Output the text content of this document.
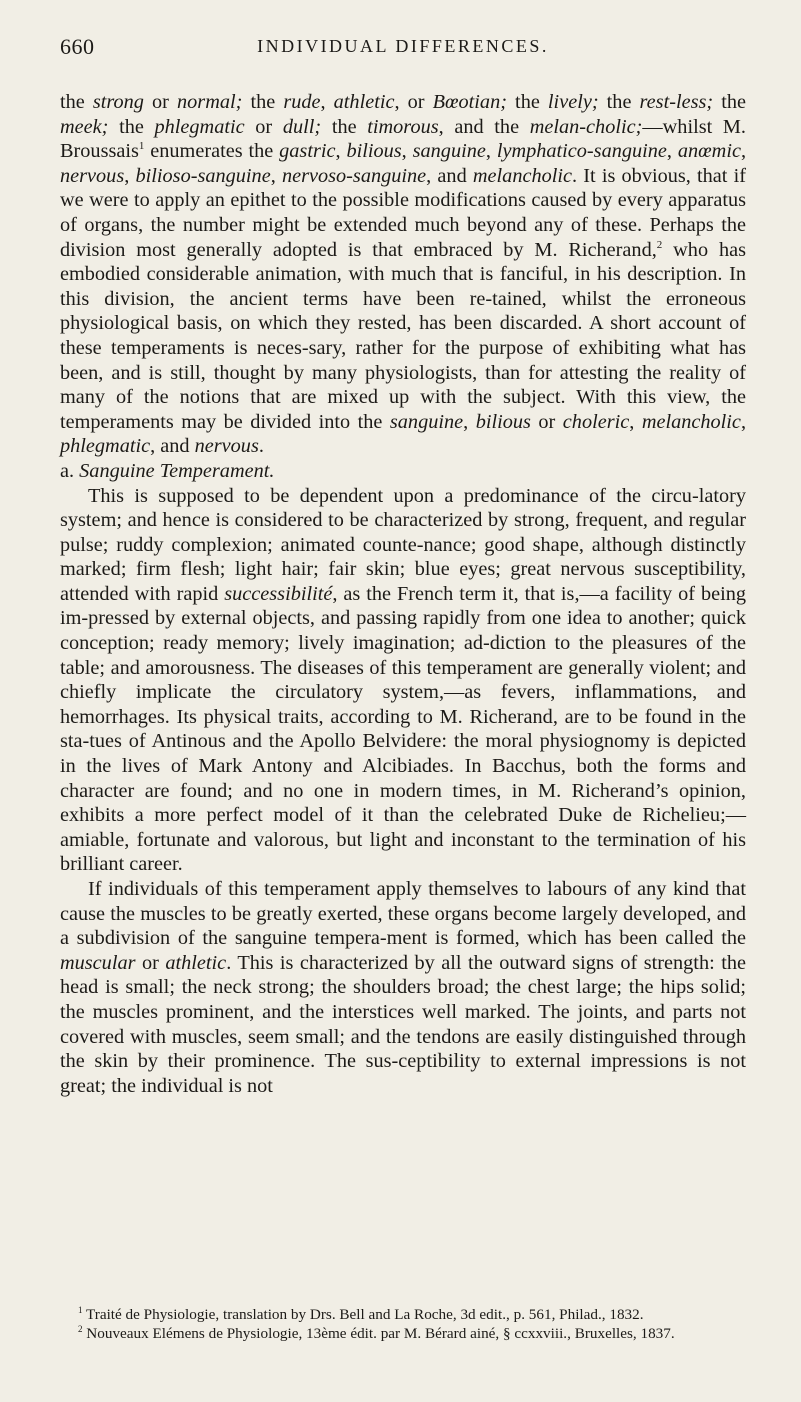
660	INDIVIDUAL DIFFERENCES.

the strong or normal; the rude, athletic, or Bœotian; the lively; the rest-less; the meek; the phlegmatic or dull; the timorous, and the melan-cholic;—whilst M. Broussais$^1$ enumerates the gastric, bilious, sanguine, lymphatico-sanguine, anœmic, nervous, bilioso-sanguine, nervoso-sanguine, and melancholic. It is obvious, that if we were to apply an epithet to the possible modifications caused by every apparatus of organs, the number might be extended much beyond any of these. Perhaps the division most generally adopted is that embraced by M. Richerand,$^2$ who has embodied considerable animation, with much that is fanciful, in his description. In this division, the ancient terms have been re-tained, whilst the erroneous physiological basis, on which they rested, has been discarded. A short account of these temperaments is neces-sary, rather for the purpose of exhibiting what has been, and is still, thought by many physiologists, than for attesting the reality of many of the notions that are mixed up with the subject. With this view, the temperaments may be divided into the sanguine, bilious or choleric, melancholic, phlegmatic, and nervous.

a. Sanguine Temperament.

This is supposed to be dependent upon a predominance of the circu-latory system; and hence is considered to be characterized by strong, frequent, and regular pulse; ruddy complexion; animated counte-nance; good shape, although distinctly marked; firm flesh; light hair; fair skin; blue eyes; great nervous susceptibility, attended with rapid successibilité, as the French term it, that is,—a facility of being im-pressed by external objects, and passing rapidly from one idea to another; quick conception; ready memory; lively imagination; ad-diction to the pleasures of the table; and amorousness. The diseases of this temperament are generally violent; and chiefly implicate the circulatory system,—as fevers, inflammations, and hemorrhages. Its physical traits, according to M. Richerand, are to be found in the sta-tues of Antinous and the Apollo Belvidere: the moral physiognomy is depicted in the lives of Mark Antony and Alcibiades. In Bacchus, both the forms and character are found; and no one in modern times, in M. Richerand’s opinion, exhibits a more perfect model of it than the celebrated Duke de Richelieu;—amiable, fortunate and valorous, but light and inconstant to the termination of his brilliant career.

If individuals of this temperament apply themselves to labours of any kind that cause the muscles to be greatly exerted, these organs become largely developed, and a subdivision of the sanguine tempera-ment is formed, which has been called the muscular or athletic. This is characterized by all the outward signs of strength: the head is small; the neck strong; the shoulders broad; the chest large; the hips solid; the muscles prominent, and the interstices well marked. The joints, and parts not covered with muscles, seem small; and the tendons are easily distinguished through the skin by their prominence. The sus-ceptibility to external impressions is not great; the individual is not

$^1$ Traité de Physiologie, translation by Drs. Bell and La Roche, 3d edit., p. 561, Philad., 1832.

$^2$ Nouveaux Elémens de Physiologie, 13ème édit. par M. Bérard ainé, § ccxxviii., Bruxelles, 1837.
